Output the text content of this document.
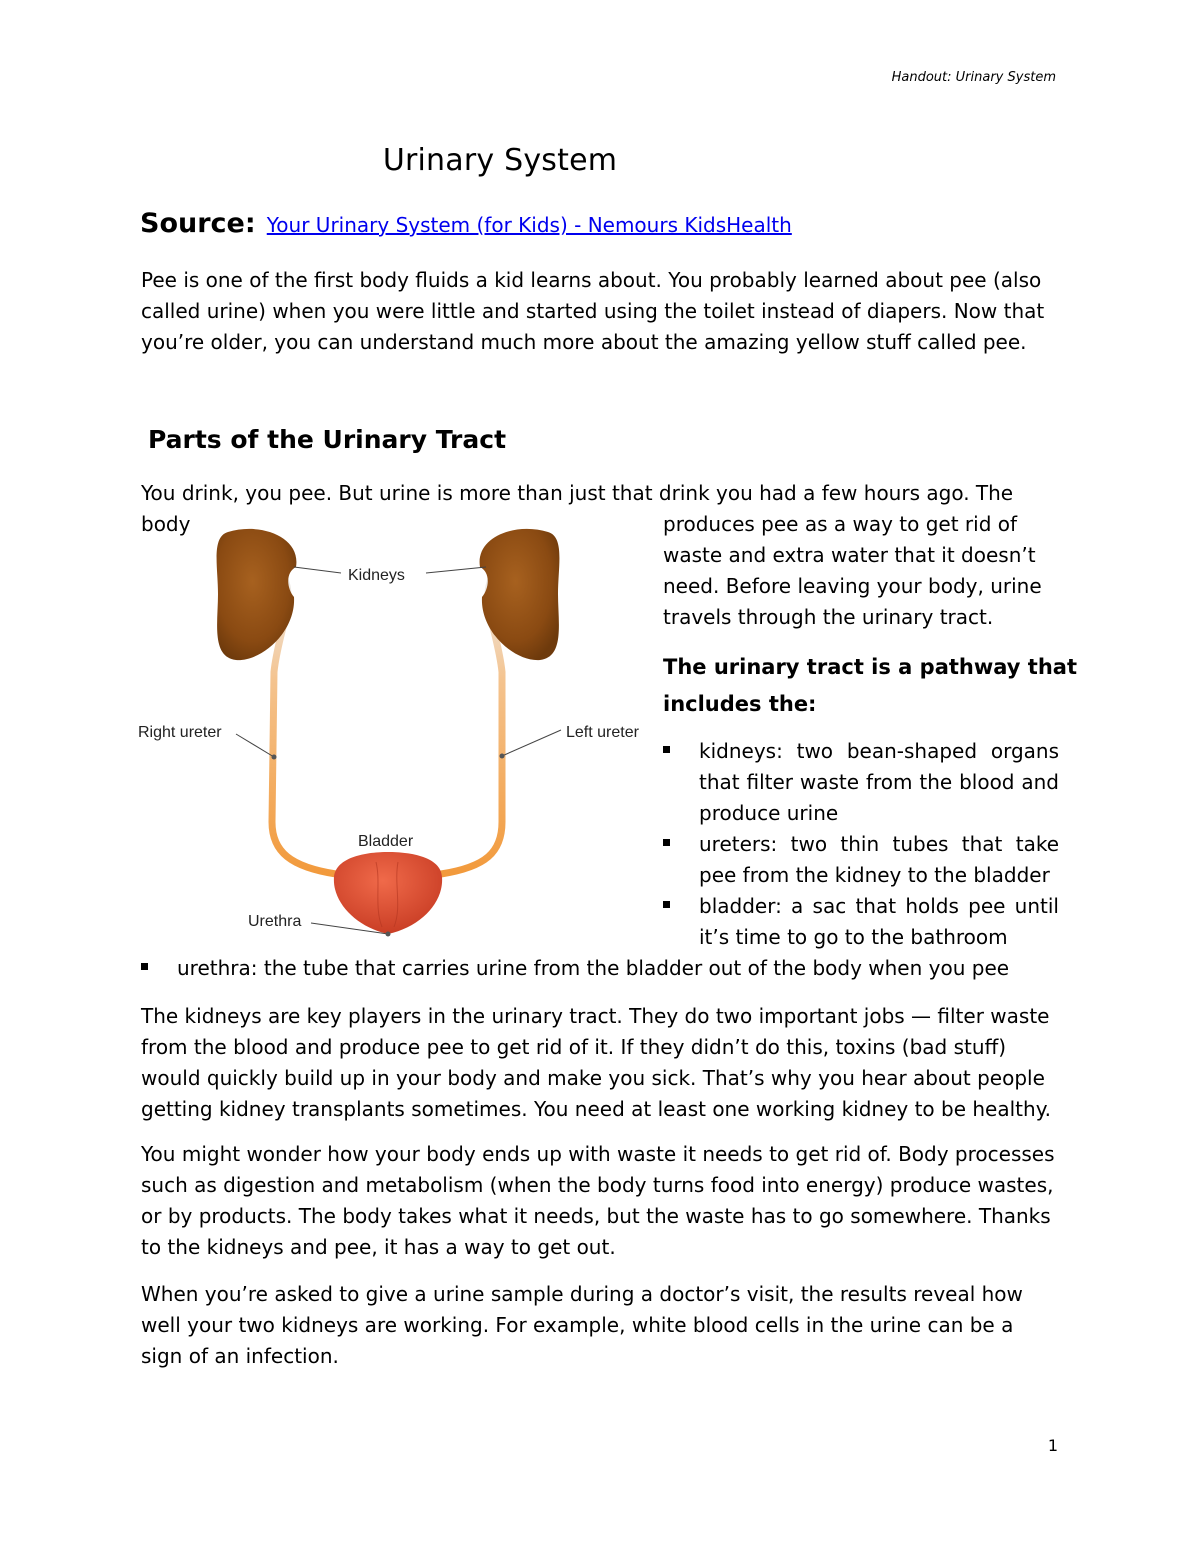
Handout: Urinary System
Urinary System
Source: Your Urinary System (for Kids) - Nemours KidsHealth
Pee is one of the first body fluids a kid learns about. You probably learned about pee (also called urine) when you were little and started using the toilet instead of diapers. Now that you’re older, you can understand much more about the amazing yellow stuff called pee.
Parts of the Urinary Tract
You drink, you pee. But urine is more than just that drink you had a few hours ago. The body
Kidneys
Right ureter	Left ureter
Bladder
Urethra
produces pee as a way to get rid of waste and extra water that it doesn’t need. Before leaving your body, urine travels through the urinary tract.
The urinary tract is a pathway that includes the:
kidneys: two bean-shaped organs that filter waste from the blood and produce urine
ureters: two thin tubes that take pee from the kidney to the bladder
bladder: a sac that holds pee until it’s time to go to the bathroom
urethra: the tube that carries urine from the bladder out of the body when you pee
The kidneys are key players in the urinary tract. They do two important jobs — filter waste from the blood and produce pee to get rid of it. If they didn’t do this, toxins (bad stuff) would quickly build up in your body and make you sick. That’s why you hear about people getting kidney transplants sometimes. You need at least one working kidney to be healthy.
You might wonder how your body ends up with waste it needs to get rid of. Body processes such as digestion and metabolism (when the body turns food into energy) produce wastes, or by products. The body takes what it needs, but the waste has to go somewhere. Thanks to the kidneys and pee, it has a way to get out.
When you’re asked to give a urine sample during a doctor’s visit, the results reveal how well your two kidneys are working. For example, white blood cells in the urine can be a sign of an infection.
1
